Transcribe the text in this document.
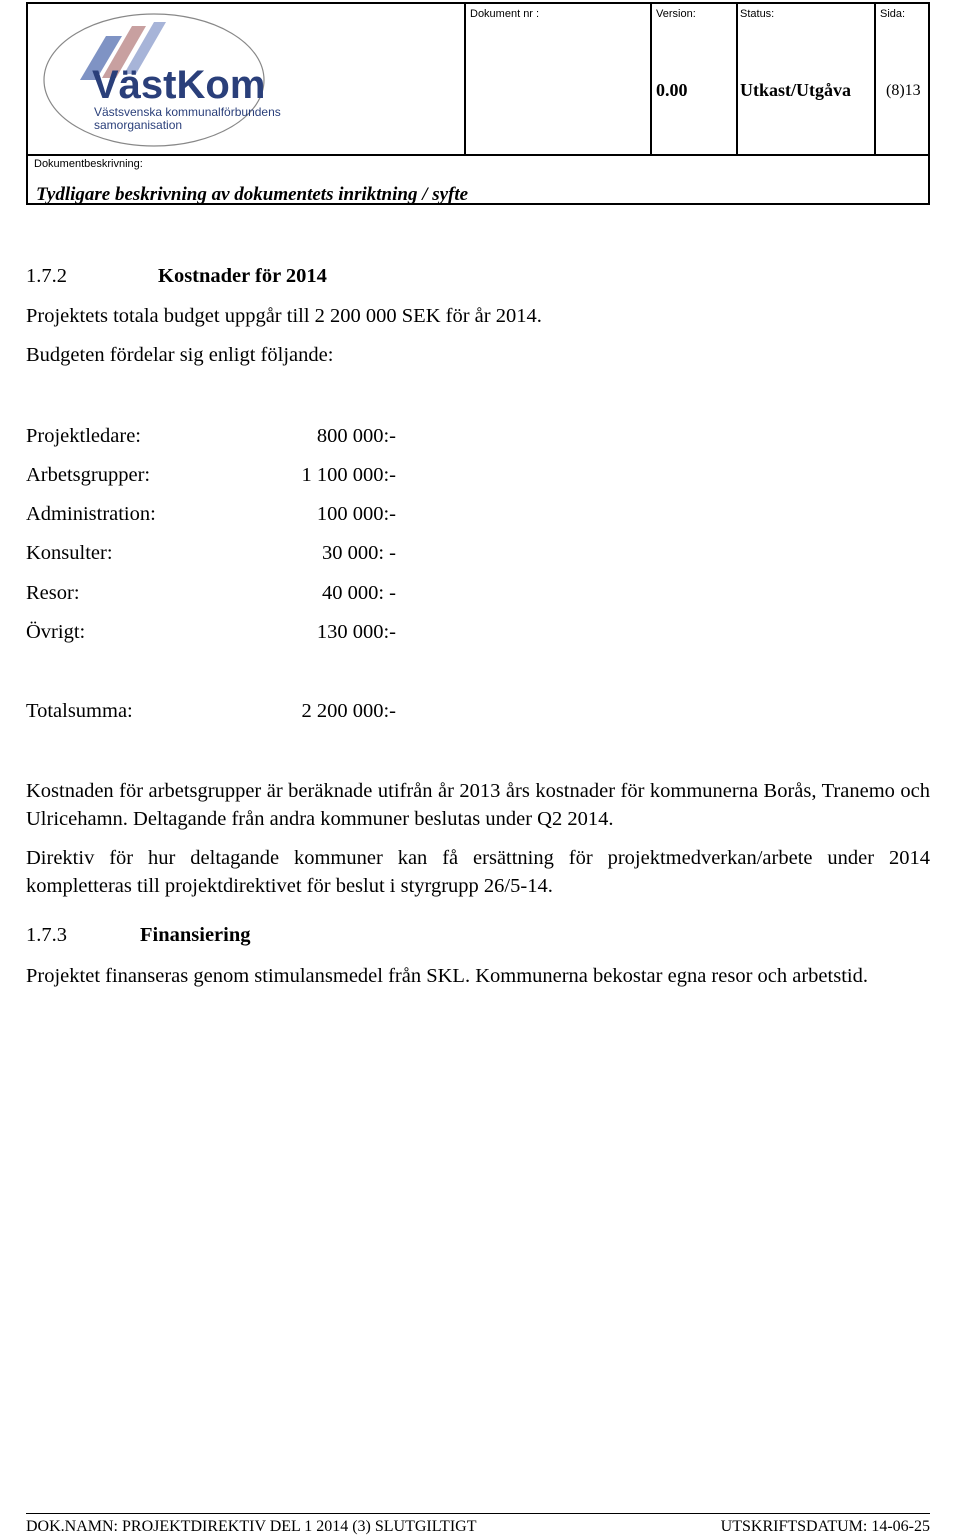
VästKom
Västsvenska kommunalförbundens
samorganisation
Dokument nr :	Version:
0.00
Status:
Utkast/Utgåva
Sida:
(8)13
Dokumentbeskrivning:
Tydligare beskrivning av dokumentets inriktning / syfte
1.7.2	Kostnader för 2014
Projektets totala budget uppgår till 2 200 000 SEK för år 2014.
Budgeten fördelar sig enligt följande:
Projektledare:	800 000:-
Arbetsgrupper:	1 100 000:-
Administration:	100 000:-
Konsulter:	30 000: -
Resor:	40 000: -
Övrigt:	130 000:-
Totalsumma:	2 200 000:-
Kostnaden för arbetsgrupper är beräknade utifrån år 2013 års kostnader för kommunerna Borås, Tranemo och Ulricehamn. Deltagande från andra kommuner beslutas under Q2 2014.
Direktiv för hur deltagande kommuner kan få ersättning för projektmedverkan/arbete under 2014 kompletteras till projektdirektivet för beslut i styrgrupp 26/5-14.
1.7.3	Finansiering
Projektet finanseras genom stimulansmedel från SKL. Kommunerna bekostar egna resor och arbetstid.
DOK.NAMN: PROJEKTDIREKTIV DEL 1 2014 (3) SLUTGILTIGT	UTSKRIFTSDATUM: 14-06-25
